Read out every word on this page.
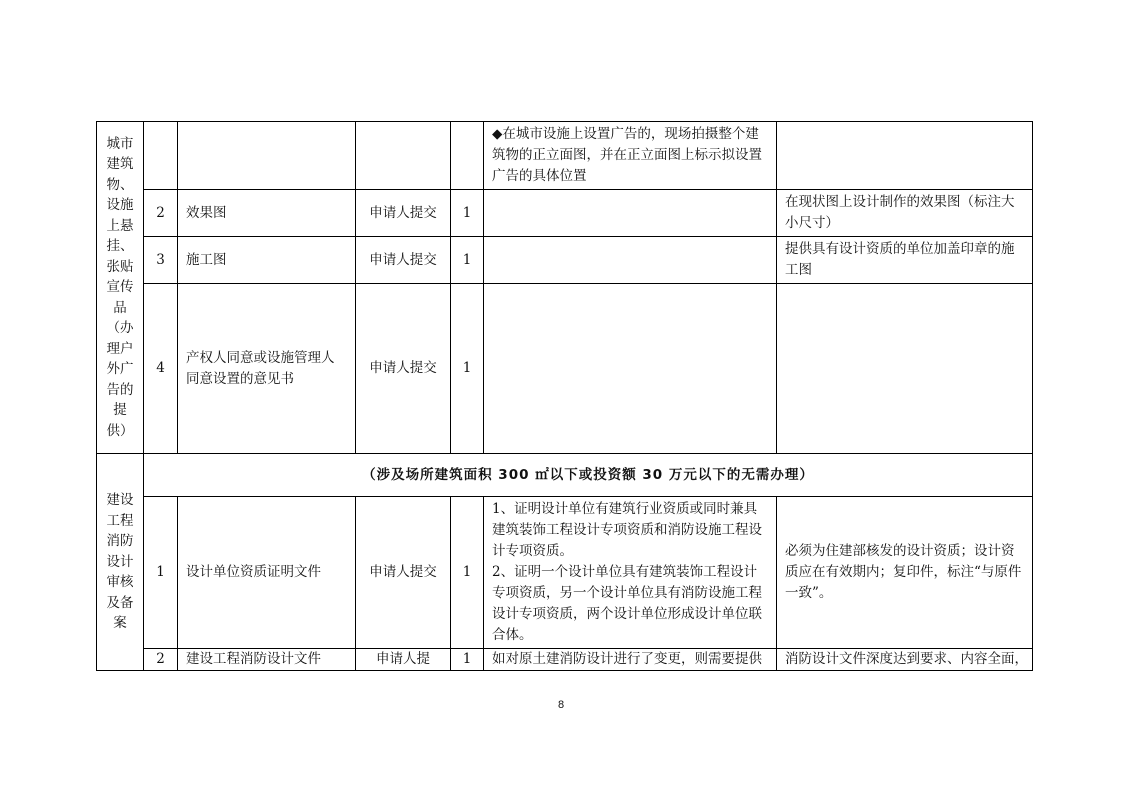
城市建筑物、设施上悬挂、张贴宣传品（办理户外广告的提供）					◆在城市设施上设置广告的，现场拍摄整个建筑物的正立面图，并在正立面图上标示拟设置广告的具体位置	
	2	效果图	申请人提交	1		在现状图上设计制作的效果图（标注大小尺寸）
	3	施工图	申请人提交	1		提供具有设计资质的单位加盖印章的施工图
	4	产权人同意或设施管理人同意设置的意见书	申请人提交	1		

建设工程消防设计审核及备案	（涉及场所建筑面积 300 ㎡以下或投资额 30 万元以下的无需办理）					
	1	设计单位资质证明文件	申请人提交	1	1、证明设计单位有建筑行业资质或同时兼具建筑装饰工程设计专项资质和消防设施工程设计专项资质。
2、证明一个设计单位具有建筑装饰工程设计专项资质，另一个设计单位具有消防设施工程设计专项资质，两个设计单位形成设计单位联合体。	必须为住建部核发的设计资质；设计资质应在有效期内；复印件，标注“与原件一致”。
	2	建设工程消防设计文件	申请人提	1	如对原土建消防设计进行了变更，则需要提供	消防设计文件深度达到要求、内容全面，
8
